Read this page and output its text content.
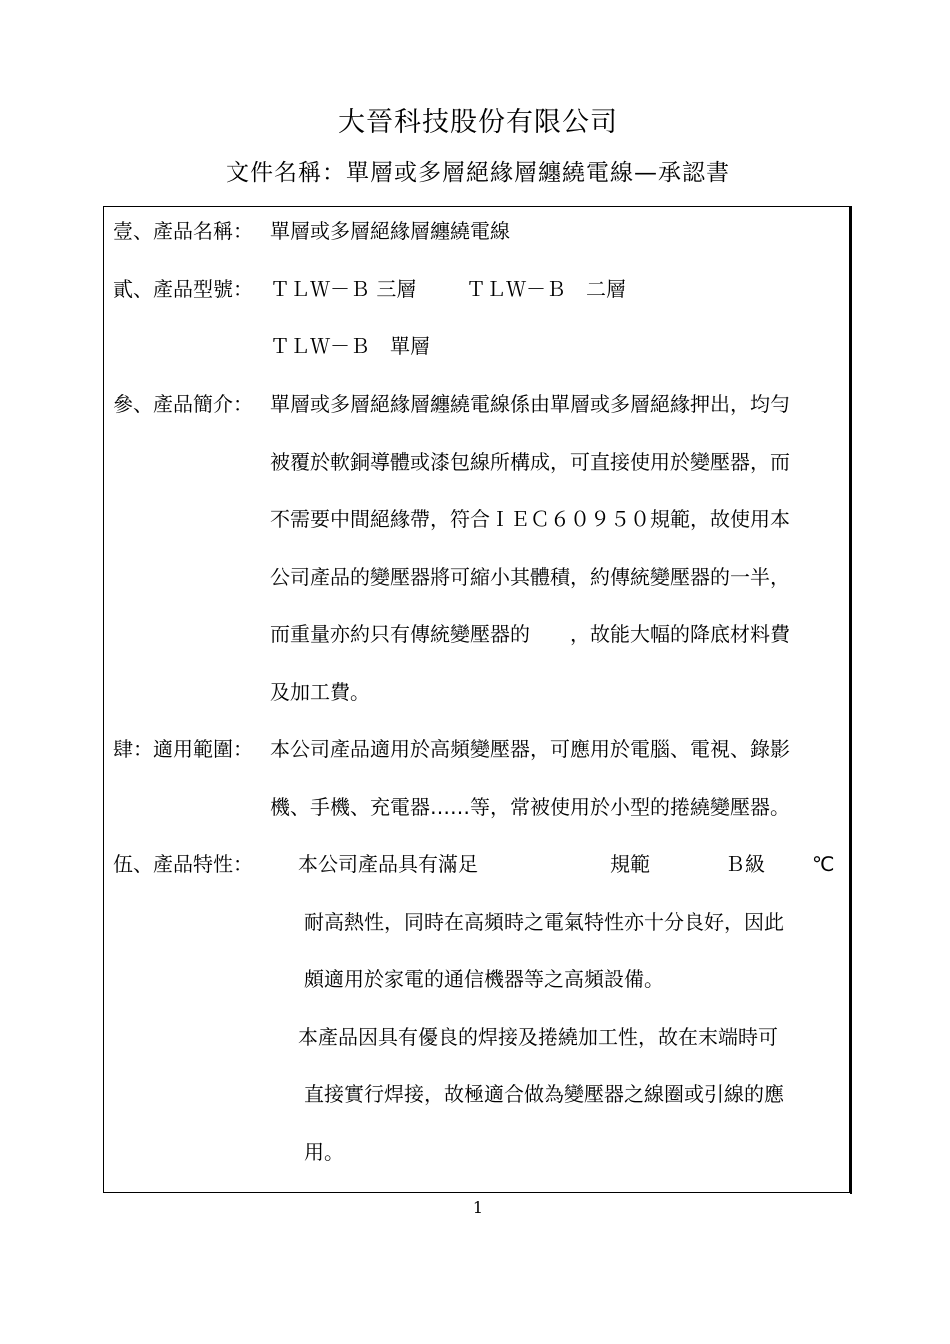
大晉科技股份有限公司
文件名稱：單層或多層絕緣層纏繞電線—承認書
壹、產品名稱： 單層或多層絕緣層纏繞電線
貳、產品型號： ＴＬＷ－Ｂ 三層 ＴＬＷ－Ｂ　二層
ＴＬＷ－Ｂ　單層
參、產品簡介： 單層或多層絕緣層纏繞電線係由單層或多層絕緣押出，均勻
被覆於軟銅導體或漆包線所構成，可直接使用於變壓器，而
不需要中間絕緣帶，符合ＩＥＣ６０９５０規範，故使用本
公司產品的變壓器將可縮小其體積，約傳統變壓器的一半，
而重量亦約只有傳統變壓器的　　，故能大幅的降底材料費
及加工費。
肆：適用範圍： 本公司產品適用於高頻變壓器，可應用於電腦、電視、錄影
機、手機、充電器……等，常被使用於小型的捲繞變壓器。
伍、產品特性： 本公司產品具有滿足	規範	Ｂ級 ℃
耐高熱性，同時在高頻時之電氣特性亦十分良好，因此
頗適用於家電的通信機器等之高頻設備。
本產品因具有優良的焊接及捲繞加工性，故在末端時可
直接實行焊接，故極適合做為變壓器之線圈或引線的應
用。
1
